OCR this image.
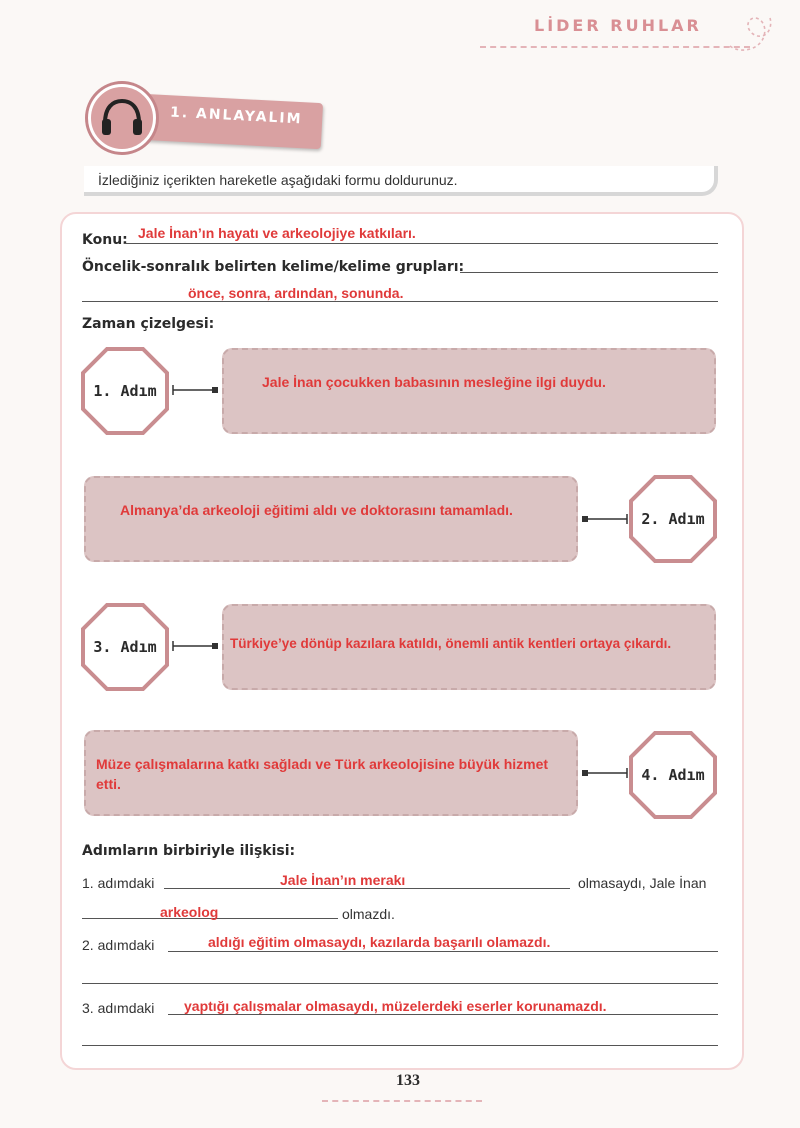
LİDER RUHLAR
1. ANLAYALIM
İzlediğiniz içerikten hareketle aşağıdaki formu doldurunuz.
Konu: Jale İnan’ın hayatı ve arkeolojiye katkıları.
Öncelik-sonralık belirten kelime/kelime grupları:
önce, sonra, ardından, sonunda.
Zaman çizelgesi:
1. Adım	Jale İnan çocukken babasının mesleğine ilgi duydu.
Almanya’da arkeoloji eğitimi aldı ve doktorasını tamamladı.	2. Adım
3. Adım	Türkiye’ye dönüp kazılara katıldı, önemli antik kentleri ortaya çıkardı.
Müze çalışmalarına katkı sağladı ve Türk arkeolojisine büyük hizmet etti.	4. Adım
Adımların birbiriyle ilişkisi:
1. adımdaki	Jale İnan’ın merakı	olmasaydı, Jale İnan
arkeolog	olmazdı.
2. adımdaki	aldığı eğitim olmasaydı, kazılarda başarılı olamazdı.
3. adımdaki yaptığı çalışmalar olmasaydı, müzelerdeki eserler korunamazdı.
133
